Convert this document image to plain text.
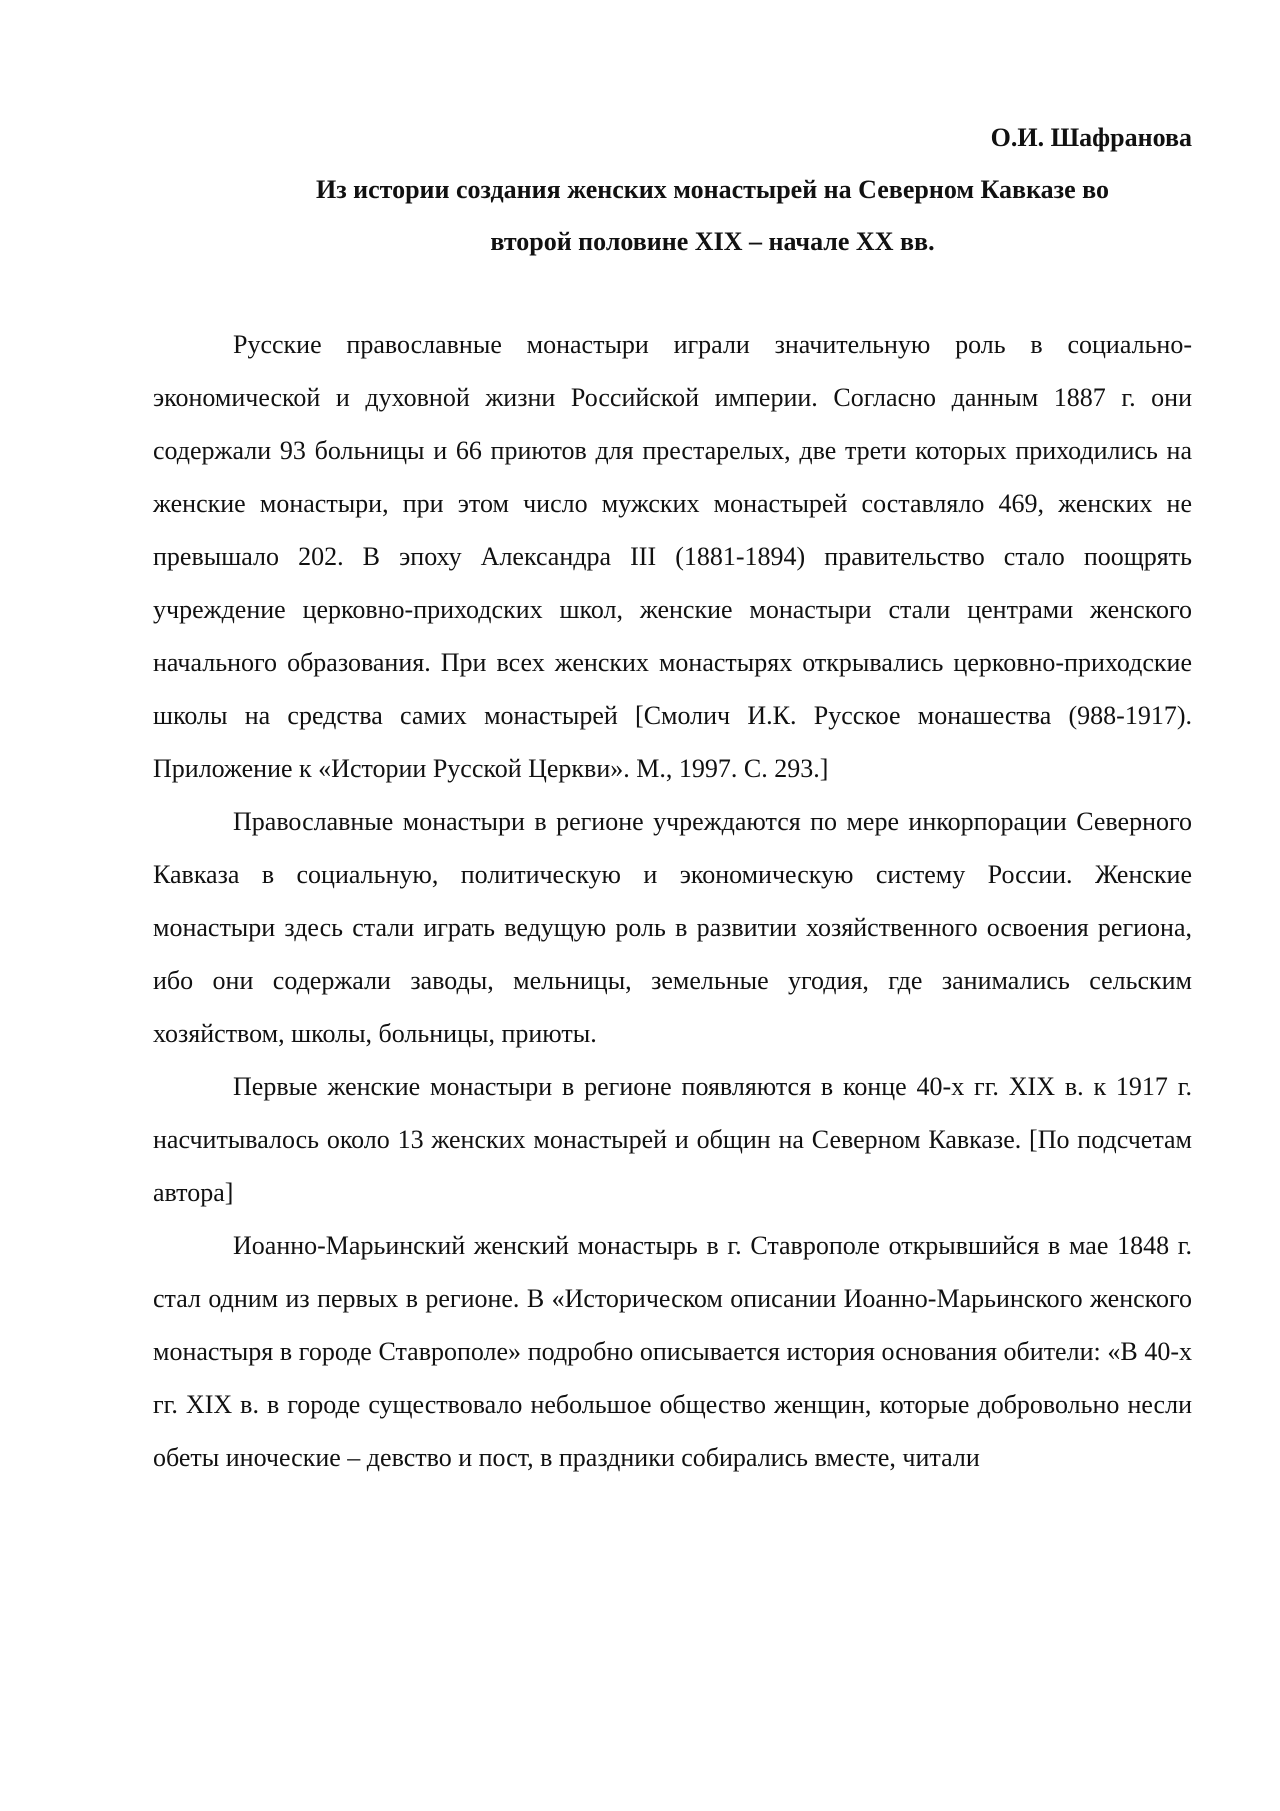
О.И. Шафранова

Из истории создания женских монастырей на Северном Кавказе во
второй половине XIX – начале XX вв.

Русские православные монастыри играли значительную роль в социально-экономической и духовной жизни Российской империи. Согласно данным 1887 г. они содержали 93 больницы и 66 приютов для престарелых, две трети которых приходились на женские монастыри, при этом число мужских монастырей составляло 469, женских не превышало 202. В эпоху Александра III (1881-1894) правительство стало поощрять учреждение церковно-приходских школ, женские монастыри стали центрами женского начального образования. При всех женских монастырях открывались церковно-приходские школы на средства самих монастырей [Смолич И.К. Русское монашества (988-1917). Приложение к «Истории Русской Церкви». М., 1997. С. 293.]

Православные монастыри в регионе учреждаются по мере инкорпорации Северного Кавказа в социальную, политическую и экономическую систему России. Женские монастыри здесь стали играть ведущую роль в развитии хозяйственного освоения региона, ибо они содержали заводы, мельницы, земельные угодия, где занимались сельским хозяйством, школы, больницы, приюты.

Первые женские монастыри в регионе появляются в конце 40-х гг. XIX в. к 1917 г. насчитывалось около 13 женских монастырей и общин на Северном Кавказе. [По подсчетам автора]

Иоанно-Марьинский женский монастырь в г. Ставрополе открывшийся в мае 1848 г. стал одним из первых в регионе. В «Историческом описании Иоанно-Марьинского женского монастыря в городе Ставрополе» подробно описывается история основания обители: «В 40-х гг. XIX в. в городе существовало небольшое общество женщин, которые добровольно несли обеты иноческие – девство и пост, в праздники собирались вместе, читали
